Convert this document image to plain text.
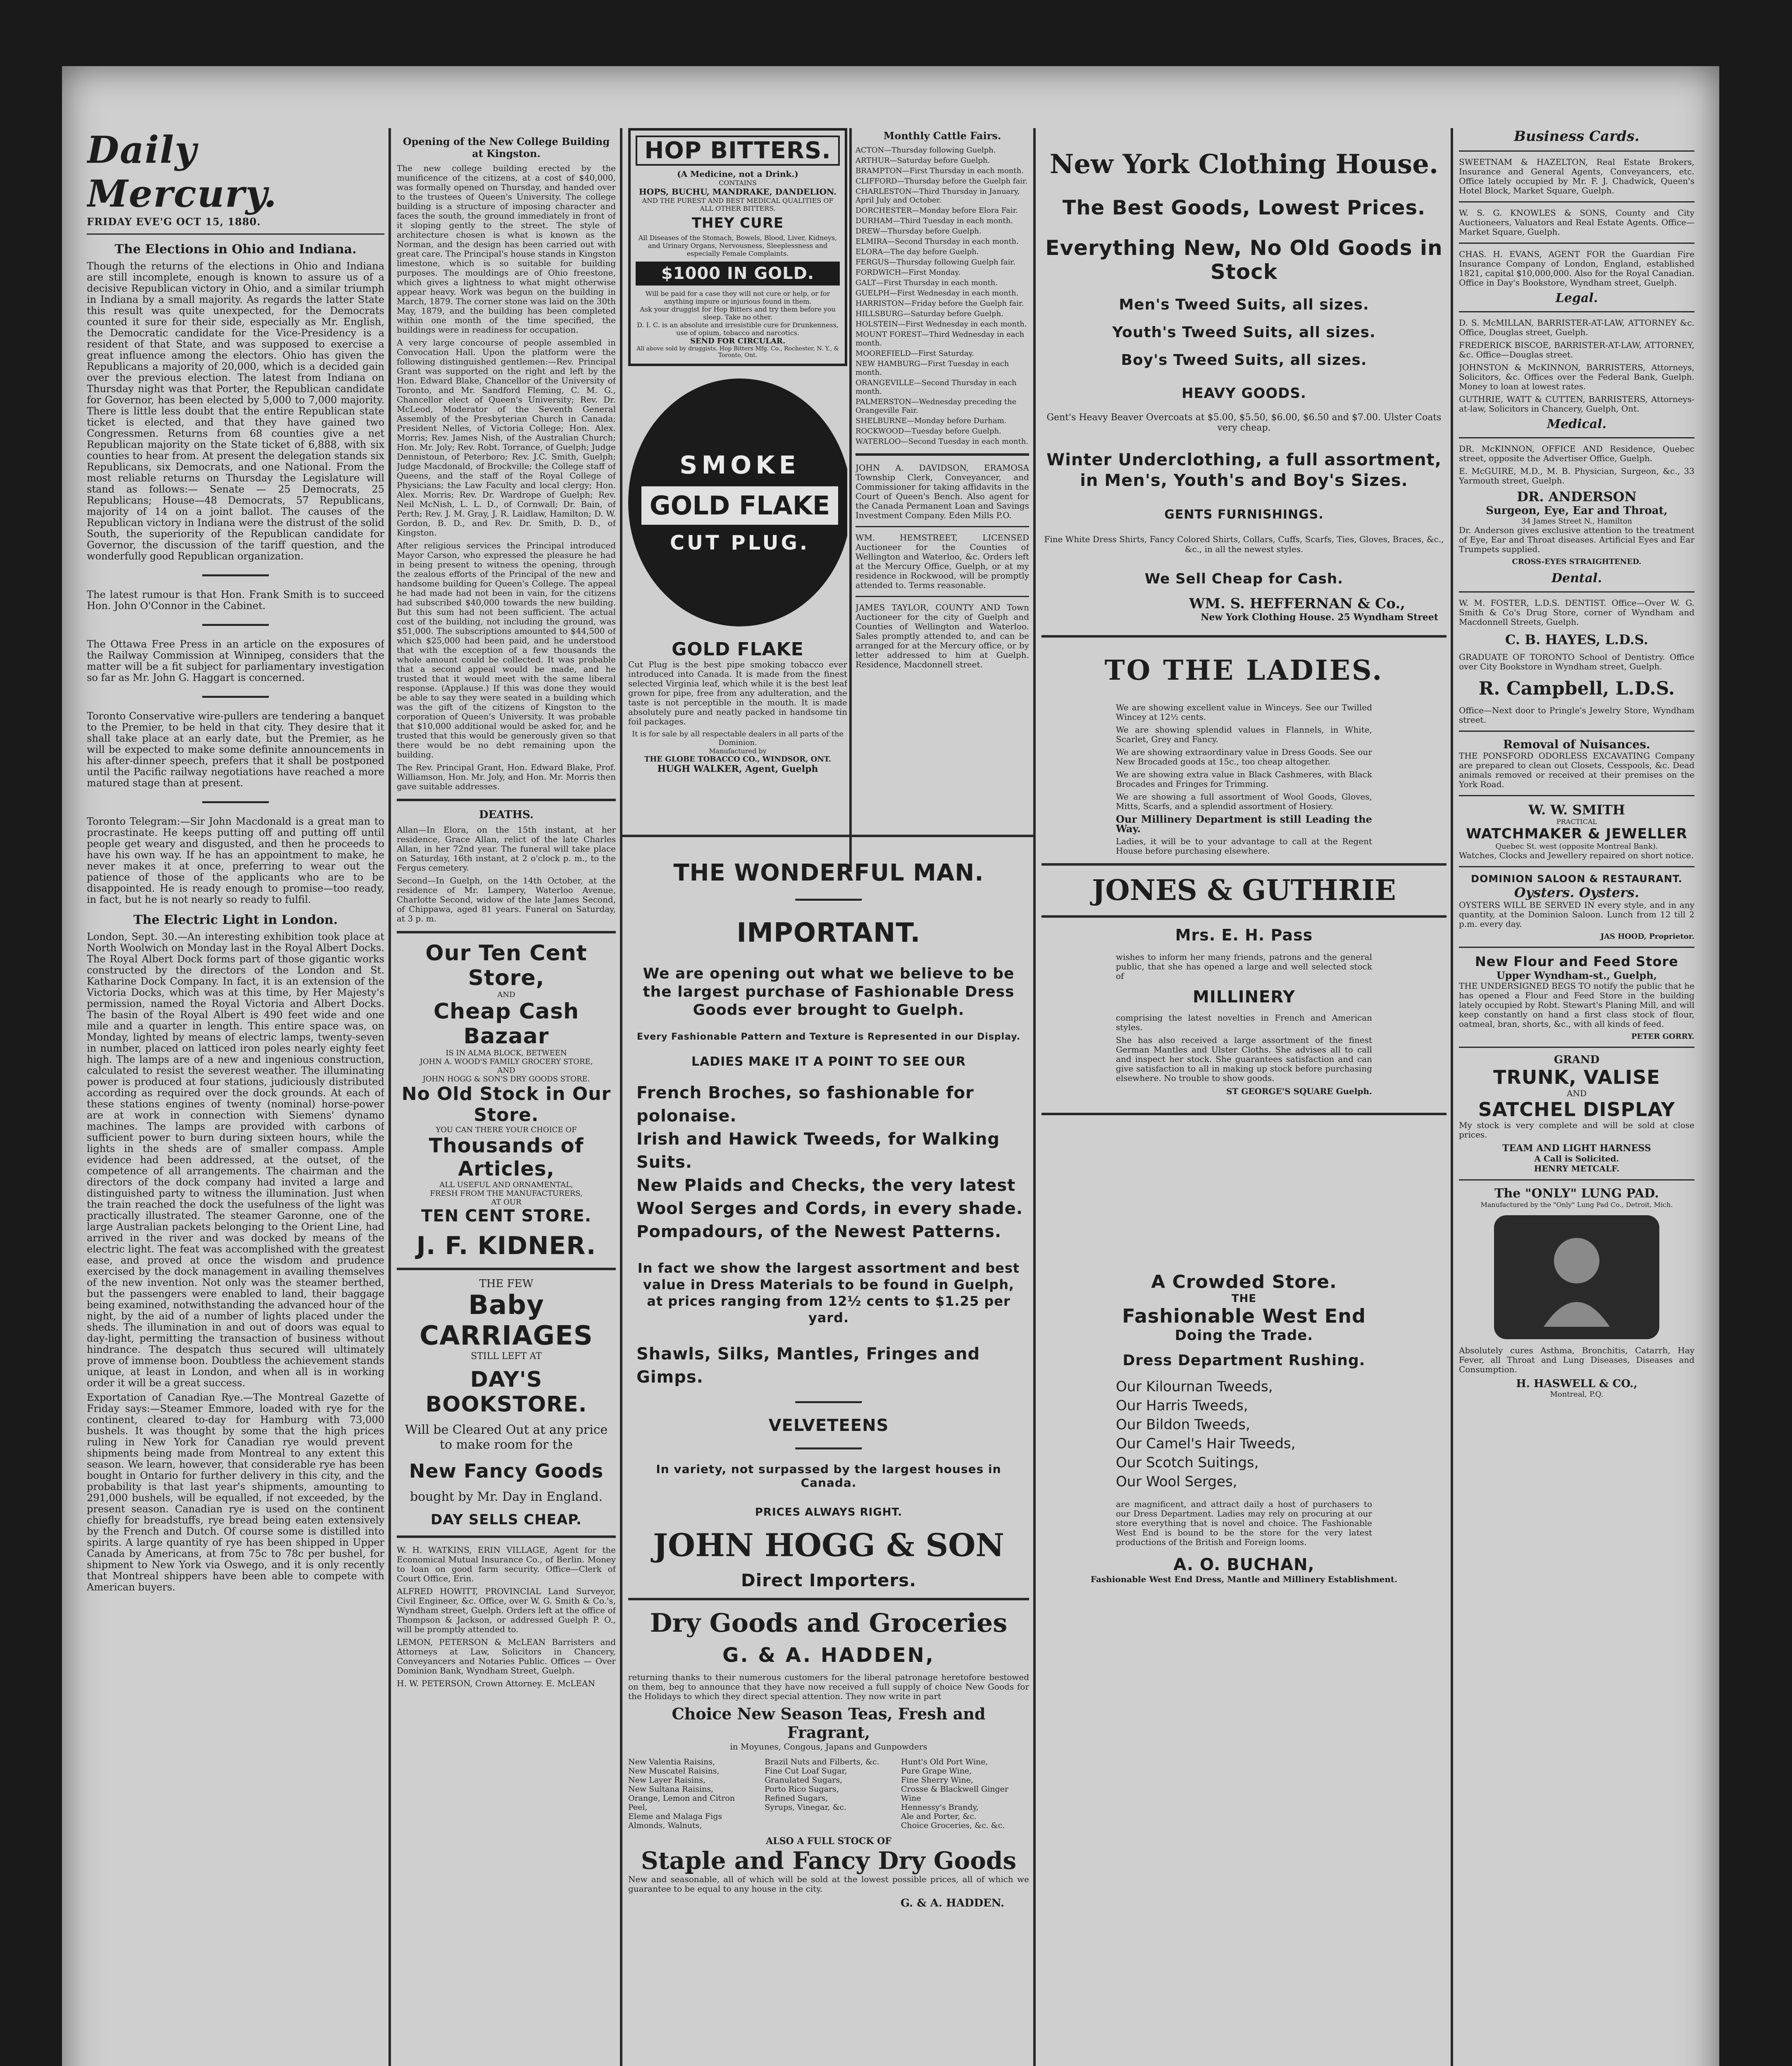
Daily Mercury.
FRIDAY EVE'G OCT 15, 1880.
The Elections in Ohio and Indiana.

Though the returns of the elections in Ohio and Indiana are still incomplete, enough is known to assure us of a decisive Republican victory in Ohio, and a similar triumph in Indiana by a small majority. As regards the latter State this result was quite unexpected, for the Democrats counted it sure for their side, especially as Mr. English, the Democratic candidate for the Vice-Presidency is a resident of that State, and was supposed to exercise a great influence among the electors. Ohio has given the Republicans a majority of 20,000, which is a decided gain over the previous election. The latest from Indiana on Thursday night was that Porter, the Republican candidate for Governor, has been elected by 5,000 to 7,000 majority. There is little less doubt that the entire Republican state ticket is elected, and that they have gained two Congressmen. Returns from 68 counties give a net Republican majority on the State ticket of 6,888, with six counties to hear from. At present the delegation stands six Republicans, six Democrats, and one National. From the most reliable returns on Thursday the Legislature will stand as follows:— Senate — 25 Democrats, 25 Republicans; House—48 Democrats, 57 Republicans, majority of 14 on a joint ballot. The causes of the Republican victory in Indiana were the distrust of the solid South, the superiority of the Republican candidate for Governor, the discussion of the tariff question, and the wonderfully good Republican organization.

The latest rumour is that Hon. Frank Smith is to succeed Hon. John O'Connor in the Cabinet.

The Ottawa Free Press in an article on the exposures of the Railway Commission at Winnipeg, considers that the matter will be a fit subject for parliamentary investigation so far as Mr. John G. Haggart is concerned.

Toronto Conservative wire-pullers are tendering a banquet to the Premier, to be held in that city. They desire that it shall take place at an early date, but the Premier, as he will be expected to make some definite announcements in his after-dinner speech, prefers that it shall be postponed until the Pacific railway negotiations have reached a more matured stage than at present.

Toronto Telegram:—Sir John Macdonald is a great man to procrastinate. He keeps putting off and putting off until people get weary and disgusted, and then he proceeds to have his own way. If he has an appointment to make, he never makes it at once, preferring to wear out the patience of those of the applicants who are to be disappointed. He is ready enough to promise—too ready, in fact, but he is not nearly so ready to fulfil.

The Electric Light in London.

London, Sept. 30.—An interesting exhibition took place at North Woolwich on Monday last in the Royal Albert Docks. The Royal Albert Dock forms part of those gigantic works constructed by the directors of the London and St. Katharine Dock Company. In fact, it is an extension of the Victoria Docks, which was at this time, by Her Majesty's permission, named the Royal Victoria and Albert Docks. The basin of the Royal Albert is 490 feet wide and one mile and a quarter in length. This entire space was, on Monday, lighted by means of electric lamps, twenty-seven in number, placed on latticed iron poles nearly eighty feet high. The lamps are of a new and ingenious construction, calculated to resist the severest weather. The illuminating power is produced at four stations, judiciously distributed according as required over the dock grounds. At each of these stations engines of twenty (nominal) horse-power are at work in connection with Siemens' dynamo machines. The lamps are provided with carbons of sufficient power to burn during sixteen hours, while the lights in the sheds are of smaller compass. Ample evidence had been addressed, at the outset, of the competence of all arrangements. The chairman and the directors of the dock company had invited a large and distinguished party to witness the illumination. Just when the train reached the dock the usefulness of the light was practically illustrated. The steamer Garonne, one of the large Australian packets belonging to the Orient Line, had arrived in the river and was docked by means of the electric light. The feat was accomplished with the greatest ease, and proved at once the wisdom and prudence exercised by the dock management in availing themselves of the new invention. Not only was the steamer berthed, but the passengers were enabled to land, their baggage being examined, notwithstanding the advanced hour of the night, by the aid of a number of lights placed under the sheds. The illumination in and out of doors was equal to day-light, permitting the transaction of business without hindrance. The despatch thus secured will ultimately prove of immense boon. Doubtless the achievement stands unique, at least in London, and when all is in working order it will be a great success.

Exportation of Canadian Rye.—The Montreal Gazette of Friday says:—Steamer Emmore, loaded with rye for the continent, cleared to-day for Hamburg with 73,000 bushels. It was thought by some that the high prices ruling in New York for Canadian rye would prevent shipments being made from Montreal to any extent this season. We learn, however, that considerable rye has been bought in Ontario for further delivery in this city, and the probability is that last year's shipments, amounting to 291,000 bushels, will be equalled, if not exceeded, by the present season. Canadian rye is used on the continent chiefly for breadstuffs, rye bread being eaten extensively by the French and Dutch. Of course some is distilled into spirits. A large quantity of rye has been shipped in Upper Canada by Americans, at from 75c to 78c per bushel, for shipment to New York via Oswego, and it is only recently that Montreal shippers have been able to compete with American buyers.

Opening of the New College Building at Kingston.

The new college building erected by the munificence of the citizens, at a cost of $40,000, was formally opened on Thursday, and handed over to the trustees of Queen's University. The college building is a structure of imposing character and faces the south, the ground immediately in front of it sloping gently to the street. The style of architecture chosen is what is known as the Norman, and the design has been carried out with great care. The Principal's house stands in Kingston limestone, which is so suitable for building purposes. The mouldings are of Ohio freestone, which gives a lightness to what might otherwise appear heavy. Work was begun on the building in March, 1879. The corner stone was laid on the 30th May, 1879, and the building has been completed within one month of the time specified, the buildings were in readiness for occupation.

A very large concourse of people assembled in Convocation Hall. Upon the platform were the following distinguished gentlemen:—Rev. Principal Grant was supported on the right and left by the Hon. Edward Blake, Chancellor of the University of Toronto, and Mr. Sandford Fleming, C. M. G., Chancellor elect of Queen's University; Rev. Dr. McLeod, Moderator of the Seventh General Assembly of the Presbyterian Church in Canada; President Nelles, of Victoria College; Hon. Alex. Morris; Rev. James Nish, of the Australian Church; Hon. Mr. Joly; Rev. Robt. Torrance, of Guelph; Judge Dennistoun, of Peterboro; Rev. J.C. Smith, Guelph; Judge Macdonald, of Brockville; the College staff of Queens, and the staff of the Royal College of Physicians; the Law Faculty and local clergy; Hon. Alex. Morris; Rev. Dr. Wardrope of Guelph; Rev. Neil McNish, L. L. D., of Cornwall; Dr. Bain, of Perth; Rev. J. M. Gray, J. R. Laidlaw, Hamilton; D. W. Gordon, B. D., and Rev. Dr. Smith, D. D., of Kingston.

After religious services the Principal introduced Mayor Carson, who expressed the pleasure he had in being present to witness the opening, through the zealous efforts of the Principal of the new and handsome building for Queen's College. The appeal he had made had not been in vain, for the citizens had subscribed $40,000 towards the new building. But this sum had not been sufficient. The actual cost of the building, not including the ground, was $51,000. The subscriptions amounted to $44,500 of which $25,000 had been paid, and he understood that with the exception of a few thousands the whole amount could be collected. It was probable that a second appeal would be made, and he trusted that it would meet with the same liberal response. (Applause.) If this was done they would be able to say they were seated in a building which was the gift of the citizens of Kingston to the corporation of Queen's University. It was probable that $10,000 additional would be asked for, and he trusted that this would be generously given so that there would be no debt remaining upon the building.

The Rev. Principal Grant, Hon. Edward Blake, Prof. Williamson, Hon. Mr. Joly, and Hon. Mr. Morris then gave suitable addresses.

DEATHS.

Allan—In Elora, on the 15th instant, at her residence, Grace Allan, relict of the late Charles Allan, in her 72nd year. The funeral will take place on Saturday, 16th instant, at 2 o'clock p. m., to the Fergus cemetery.

Second—In Guelph, on the 14th October, at the residence of Mr. Lampery, Waterloo Avenue, Charlotte Second, widow of the late James Second, of Chippawa, aged 81 years. Funeral on Saturday, at 3 p. m.

Our Ten Cent Store,
AND
Cheap Cash Bazaar
IS IN ALMA BLOCK, BETWEEN
JOHN A. WOOD'S FAMILY GROCERY STORE,
AND
JOHN HOGG & SON'S DRY GOODS STORE.
No Old Stock in Our Store.
YOU CAN THERE YOUR CHOICE OF
Thousands of Articles,
ALL USEFUL AND ORNAMENTAL,
FRESH FROM THE MANUFACTURERS,
AT OUR
TEN CENT STORE.
J. F. KIDNER.
THE FEW
Baby CARRIAGES
STILL LEFT AT
DAY'S BOOKSTORE.
Will be Cleared Out at any price to make room for the
New Fancy Goods
bought by Mr. Day in England.
DAY SELLS CHEAP.

W. H. WATKINS, ERIN VILLAGE, Agent for the Economical Mutual Insurance Co., of Berlin. Money to loan on good farm security. Office—Clerk of Court Office, Erin.

ALFRED HOWITT, PROVINCIAL Land Surveyor, Civil Engineer, &c. Office, over W. G. Smith & Co.'s, Wyndham street, Guelph. Orders left at the office of Thompson & Jackson, or addressed Guelph P. O., will be promptly attended to.

LEMON, PETERSON & McLEAN Barristers and Attorneys at Law, Solicitors in Chancery, Conveyancers and Notaries Public. Offices — Over Dominion Bank, Wyndham Street, Guelph.

H. W. PETERSON, Crown Attorney. E. McLEAN

HOP BITTERS.
(A Medicine, not a Drink.)
CONTAINS
HOPS, BUCHU, MANDRAKE, DANDELION.
AND THE PUREST AND BEST MEDICAL QUALITIES OF ALL OTHER BITTERS.
THEY CURE
All Diseases of the Stomach, Bowels, Blood, Liver, Kidneys, and Urinary Organs, Nervousness, Sleeplessness and especially Female Complaints.
$1000 IN GOLD.
Will be paid for a case they will not cure or help, or for anything impure or injurious found in them.
Ask your druggist for Hop Bitters and try them before you sleep. Take no other.
D. I. C. is an absolute and irresistible cure for Drunkenness, use of opium, tobacco and narcotics.
SEND FOR CIRCULAR.
All above sold by druggists. Hop Bitters Mfg. Co., Rochester, N. Y., & Toronto, Ont.
SMOKE
GOLD FLAKE
CUT PLUG.
GOLD FLAKE

Cut Plug is the best pipe smoking tobacco ever introduced into Canada. It is made from the finest selected Virginia leaf, which while it is the best leaf grown for pipe, free from any adulteration, and the taste is not perceptible in the mouth. It is made absolutely pure and neatly packed in handsome tin foil packages.

It is for sale by all respectable dealers in all parts of the Dominion.
Manufactured by
THE GLOBE TOBACCO CO., WINDSOR, ONT.
HUGH WALKER, Agent, Guelph
Monthly Cattle Fairs.
ACTON—Thursday following Guelph.
ARTHUR—Saturday before Guelph.
BRAMPTON—First Thursday in each month.
CLIFFORD—Thursday before the Guelph fair.
CHARLESTON—Third Thursday in January, April July and October.
DORCHESTER—Monday before Elora Fair.
DURHAM—Third Tuesday in each month.
DREW—Thursday before Guelph.
ELMIRA—Second Thursday in each month.
ELORA—The day before Guelph.
FERGUS—Thursday following Guelph fair.
FORDWICH—First Monday.
GALT—First Thursday in each month.
GUELPH—First Wednesday in each month.
HARRISTON—Friday before the Guelph fair.
HILLSBURG—Saturday before Guelph.
HOLSTEIN—First Wednesday in each month.
MOUNT FOREST—Third Wednesday in each month.
MOOREFIELD—First Saturday.
NEW HAMBURG—First Tuesday in each month.
ORANGEVILLE—Second Thursday in each month.
PALMERSTON—Wednesday preceding the Orangeville Fair.
SHELBURNE—Monday before Durham.
ROCKWOOD—Tuesday before Guelph.
WATERLOO—Second Tuesday in each month.

JOHN A. DAVIDSON, ERAMOSA Township Clerk, Conveyancer, and Commissioner for taking affidavits in the Court of Queen's Bench. Also agent for the Canada Permanent Loan and Savings Investment Company. Eden Mills P.O.

WM. HEMSTREET, LICENSED Auctioneer for the Counties of Wellington and Waterloo, &c. Orders left at the Mercury Office, Guelph, or at my residence in Rockwood, will be promptly attended to. Terms reasonable.

JAMES TAYLOR, COUNTY AND Town Auctioneer for the city of Guelph and Counties of Wellington and Waterloo. Sales promptly attended to, and can be arranged for at the Mercury office, or by letter addressed to him at Guelph. Residence, Macdonnell street.

THE WONDERFUL MAN.
IMPORTANT.
We are opening out what we believe to be the largest purchase of Fashionable Dress Goods ever brought to Guelph.
Every Fashionable Pattern and Texture is Represented in our Display.
LADIES MAKE IT A POINT TO SEE OUR
French Broches, so fashionable for polonaise.
Irish and Hawick Tweeds, for Walking Suits.
New Plaids and Checks, the very latest
Wool Serges and Cords, in every shade.
Pompadours, of the Newest Patterns.
In fact we show the largest assortment and best value in Dress Materials to be found in Guelph, at prices ranging from 12½ cents to $1.25 per yard.
Shawls, Silks, Mantles, Fringes and Gimps.
VELVETEENS
In variety, not surpassed by the largest houses in Canada.
PRICES ALWAYS RIGHT.
JOHN HOGG & SON
Direct Importers.
Dry Goods and Groceries
G. & A. HADDEN,

returning thanks to their numerous customers for the liberal patronage heretofore bestowed on them, beg to announce that they have now received a full supply of choice New Goods for the Holidays to which they direct special attention. They now write in part

Choice New Season Teas, Fresh and Fragrant,
in Moyunes, Congous, Japans and Gunpowders
New Valentia Raisins,
New Muscatel Raisins,
New Layer Raisins,
New Sultana Raisins,
Orange, Lemon and Citron Peel,
Eleme and Malaga Figs
Almonds, Walnuts,
Brazil Nuts and Filberts, &c.
Fine Cut Loaf Sugar,
Granulated Sugars,
Porto Rico Sugars,
Refined Sugars,
Syrups, Vinegar, &c.
Hunt's Old Port Wine,
Pure Grape Wine,
Fine Sherry Wine,
Crosse & Blackwell Ginger Wine
Hennessy's Brandy,
Ale and Porter, &c.
Choice Groceries, &c. &c.
ALSO A FULL STOCK OF
Staple and Fancy Dry Goods

New and seasonable, all of which will be sold at the lowest possible prices, all of which we guarantee to be equal to any house in the city.

G. & A. HADDEN.
New York Clothing House.
The Best Goods, Lowest Prices.
Everything New, No Old Goods in Stock
Men's Tweed Suits, all sizes.
Youth's Tweed Suits, all sizes.
Boy's Tweed Suits, all sizes.
HEAVY GOODS.
Gent's Heavy Beaver Overcoats at $5.00, $5.50, $6.00, $6.50 and $7.00. Ulster Coats very cheap.
Winter Underclothing, a full assortment, in Men's, Youth's and Boy's Sizes.
GENTS FURNISHINGS.
Fine White Dress Shirts, Fancy Colored Shirts, Collars, Cuffs, Scarfs, Ties, Gloves, Braces, &c., &c., in all the newest styles.
We Sell Cheap for Cash.
WM. S. HEFFERNAN & Co.,
New York Clothing House. 25 Wyndham Street
TO THE LADIES.

We are showing excellent value in Winceys. See our Twilled Wincey at 12½ cents.

We are showing splendid values in Flannels, in White, Scarlet, Grey and Fancy.

We are showing extraordinary value in Dress Goods. See our New Brocaded goods at 15c., too cheap altogether.

We are showing extra value in Black Cashmeres, with Black Brocades and Fringes for Trimming.

We are showing a full assortment of Wool Goods, Gloves, Mitts, Scarfs, and a splendid assortment of Hosiery.

Our Millinery Department is still Leading the Way.

Ladies, it will be to your advantage to call at the Regent House before purchasing elsewhere.

JONES & GUTHRIE
Mrs. E. H. Pass

wishes to inform her many friends, patrons and the general public, that she has opened a large and well selected stock of

MILLINERY

comprising the latest novelties in French and American styles.

She has also received a large assortment of the finest German Mantles and Ulster Cloths. She advises all to call and inspect her stock. She guarantees satisfaction and can give satisfaction to all in making up stock before purchasing elsewhere. No trouble to show goods.

ST GEORGE'S SQUARE Guelph.
A Crowded Store.
THE
Fashionable West End
Doing the Trade.
Dress Department Rushing.
Our Kilournan Tweeds,
Our Harris Tweeds,
Our Bildon Tweeds,
Our Camel's Hair Tweeds,
Our Scotch Suitings,
Our Wool Serges,

are magnificent, and attract daily a host of purchasers to our Dress Department. Ladies may rely on procuring at our store everything that is novel and choice. The Fashionable West End is bound to be the store for the very latest productions of the British and Foreign looms.

A. O. BUCHAN,
Fashionable West End Dress, Mantle and Millinery Establishment.
Business Cards.

SWEETNAM & HAZELTON, Real Estate Brokers, Insurance and General Agents, Conveyancers, etc. Office lately occupied by Mr. F. J. Chadwick, Queen's Hotel Block, Market Square, Guelph.

W. S. G. KNOWLES & SONS, County and City Auctioneers, Valuators and Real Estate Agents. Office—Market Square, Guelph.

CHAS. H. EVANS, AGENT FOR the Guardian Fire Insurance Company of London, England, established 1821, capital $10,000,000. Also for the Royal Canadian. Office in Day's Bookstore, Wyndham street, Guelph.

Legal.

D. S. McMILLAN, BARRISTER-AT-LAW, ATTORNEY &c. Office, Douglas street, Guelph.

FREDERICK BISCOE, BARRISTER-AT-LAW, ATTORNEY, &c. Office—Douglas street.

JOHNSTON & McKINNON, BARRISTERS, Attorneys, Solicitors, &c. Offices over the Federal Bank, Guelph. Money to loan at lowest rates.

GUTHRIE, WATT & CUTTEN, BARRISTERS, Attorneys-at-law, Solicitors in Chancery, Guelph, Ont.

Medical.

DR. McKINNON, OFFICE AND Residence, Quebec street, opposite the Advertiser Office, Guelph.

E. McGUIRE, M.D., M. B. Physician, Surgeon, &c., 33 Yarmouth street, Guelph.

DR. ANDERSON
Surgeon, Eye, Ear and Throat,
34 James Street N., Hamilton

Dr. Anderson gives exclusive attention to the treatment of Eye, Ear and Throat diseases. Artificial Eyes and Ear Trumpets supplied.

CROSS-EYES STRAIGHTENED.
Dental.

W. M. FOSTER, L.D.S. DENTIST. Office—Over W. G. Smith & Co's Drug Store, corner of Wyndham and Macdonnell Streets, Guelph.

C. B. HAYES, L.D.S.

GRADUATE OF TORONTO School of Dentistry. Office over City Bookstore in Wyndham street, Guelph.

R. Campbell, L.D.S.

Office—Next door to Pringle's Jewelry Store, Wyndham street.

Removal of Nuisances.

THE PONSFORD ODORLESS EXCAVATING Company are prepared to clean out Closets, Cesspools, &c. Dead animals removed or received at their premises on the York Road.

W. W. SMITH
PRACTICAL
WATCHMAKER & JEWELLER
Quebec St. west (opposite Montreal Bank).

Watches, Clocks and Jewellery repaired on short notice.

DOMINION SALOON & RESTAURANT.
Oysters. Oysters.

OYSTERS WILL BE SERVED IN every style, and in any quantity, at the Dominion Saloon. Lunch from 12 till 2 p.m. every day.

JAS HOOD, Proprietor.
New Flour and Feed Store
Upper Wyndham-st., Guelph,

THE UNDERSIGNED BEGS TO notify the public that he has opened a Flour and Feed Store in the building lately occupied by Robt. Stewart's Planing Mill, and will keep constantly on hand a first class stock of flour, oatmeal, bran, shorts, &c., with all kinds of feed.

PETER GORRY.
GRAND
TRUNK, VALISE
AND
SATCHEL DISPLAY

My stock is very complete and will be sold at close prices.

TEAM AND LIGHT HARNESS
A Call is Solicited.
HENRY METCALF.
The "ONLY" LUNG PAD.
Manufactured by the "Only" Lung Pad Co., Detroit, Mich.

Absolutely cures Asthma, Bronchitis, Catarrh, Hay Fever, all Throat and Lung Diseases, Diseases and Consumption.

H. HASWELL & CO.,
Montreal, P.Q.
